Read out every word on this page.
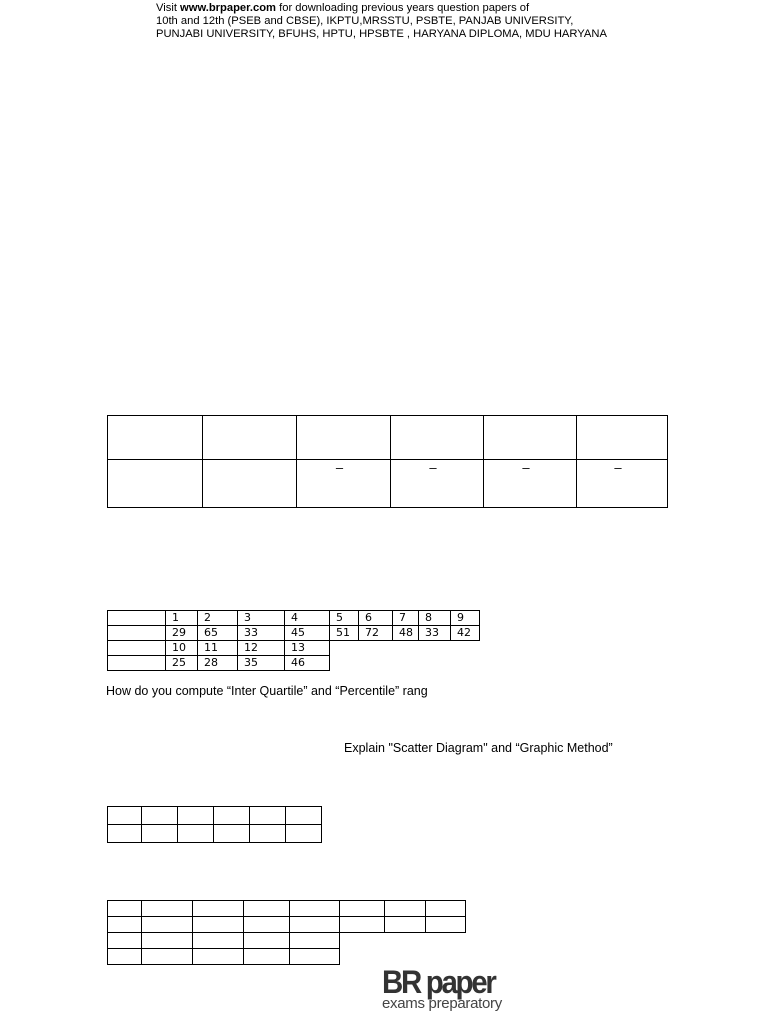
Visit www.brpaper.com for downloading previous years question papers of
10th and 12th (PSEB and CBSE), IKPTU,MRSSTU, PSBTE, PANJAB UNIVERSITY,
PUNJABI UNIVERSITY, BFUHS, HPTU, HPSBTE , HARYANA DIPLOMA, MDU HARYANA

		–	–	–	–
	1	2	3	4	5	6	7	8	9
	29	65	33	45	51	72	48	33	42
	10	11	12	13					
	25	28	35	46					
How do you compute “Inter Quartile” and “Percentile” rang
Explain "Scatter Diagram" and “Graphic Method”

BR paper
exams preparatory
